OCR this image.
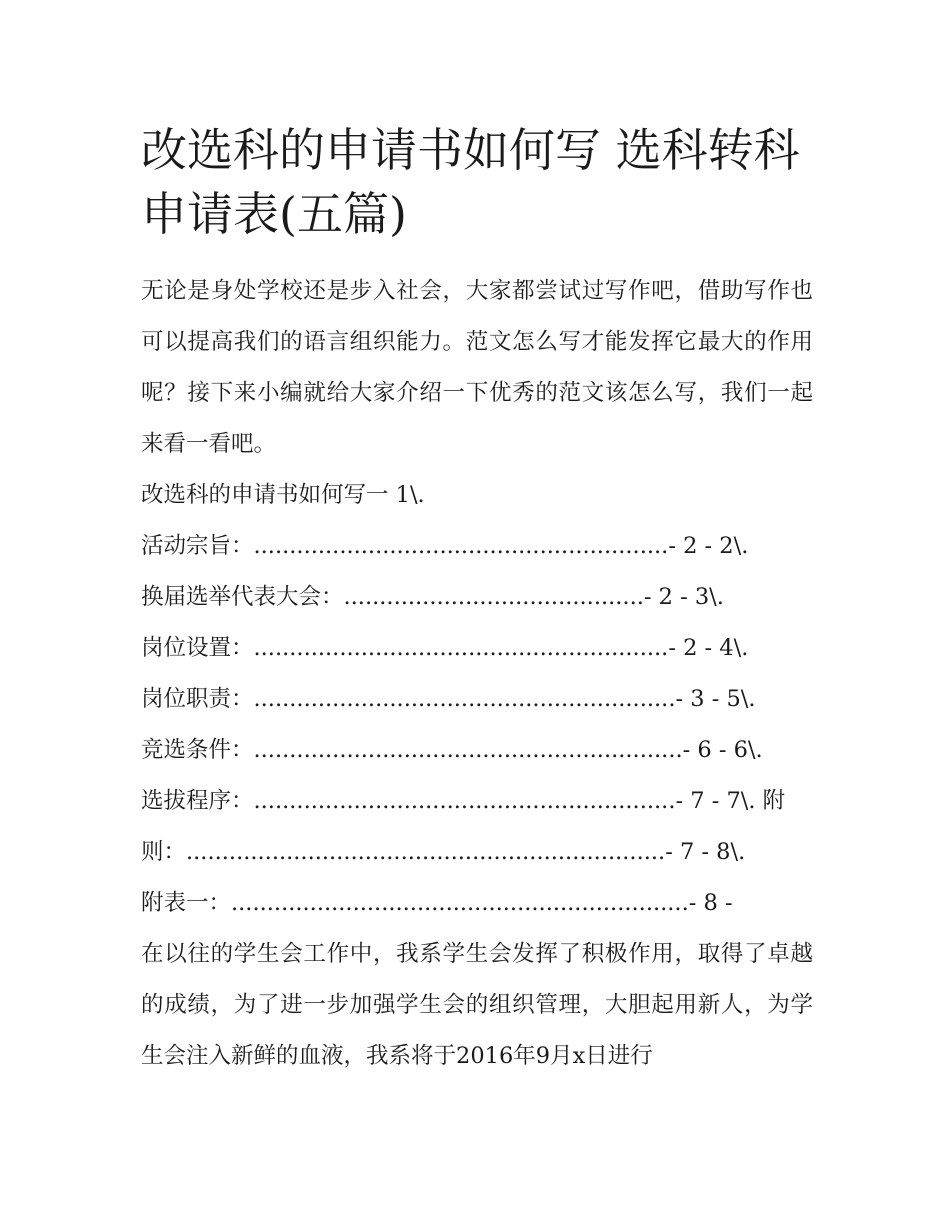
改选科的申请书如何写 选科转科申请表(五篇)

无论是身处学校还是步入社会，大家都尝试过写作吧，借助写作也可以提高我们的语言组织能力。范文怎么写才能发挥它最大的作用呢？接下来小编就给大家介绍一下优秀的范文该怎么写，我们一起来看一看吧。

改选科的申请书如何写一 1\.
活动宗旨：..........................................................- 2 - 2\.
换届选举代表大会：..........................................- 2 - 3\.
岗位设置：..........................................................- 2 - 4\.
岗位职责：...........................................................- 3 - 5\.
竞选条件：............................................................- 6 - 6\.
选拔程序：...........................................................- 7 - 7\. 附
则：...................................................................- 7 - 8\.
附表一：................................................................- 8 -

在以往的学生会工作中，我系学生会发挥了积极作用，取得了卓越的成绩，为了进一步加强学生会的组织管理，大胆起用新人，为学生会注入新鲜的血液，我系将于2016年9月x日进行
